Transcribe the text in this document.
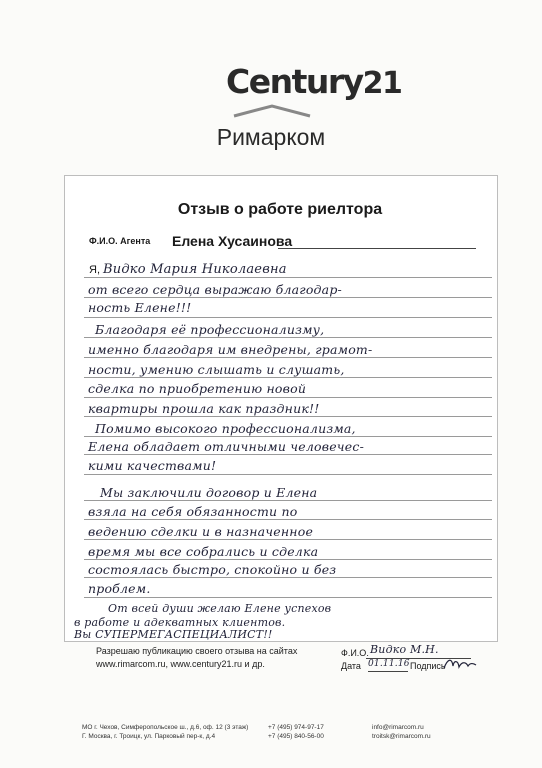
Century21
Римарком
Отзыв о работе риелтора
Ф.И.О. Агента Елена Хусаинова
Я, Видко Мария Николаевна
от всего сердца выражаю благодар-
ность Елене!!!
Благодаря её профессионализму,
именно благодаря им внедрены, грамот-
ности, умению слышать и слушать,
сделка по приобретению новой
квартиры прошла как праздник!!
Помимо высокого профессионализма,
Елена обладает отличными человечес-
кими качествами!
Мы заключили договор и Елена
взяла на себя обязанности по
ведению сделки и в назначенное
время мы все собрались и сделка
состоялась быстро, спокойно и без
проблем.
От всей души желаю Елене успехов
в работе и адекватных клиентов.
Вы СУПЕРМЕГАСПЕЦИАЛИСТ!!
Разрешаю публикацию своего отзыва на сайтах
www.rimarcom.ru, www.century21.ru и др.
Ф.И.О. Видко М.Н.
Дата 01.11.16 Подпись
МО г. Чехов, Симферопольское ш., д.6, оф. 12 (3 этаж)
Г. Москва, г. Троицк, ул. Парковый пер-к, д.4
+7 (495) 974-97-17
+7 (495) 840-56-00
info@rimarcom.ru
troitsk@rimarcom.ru
